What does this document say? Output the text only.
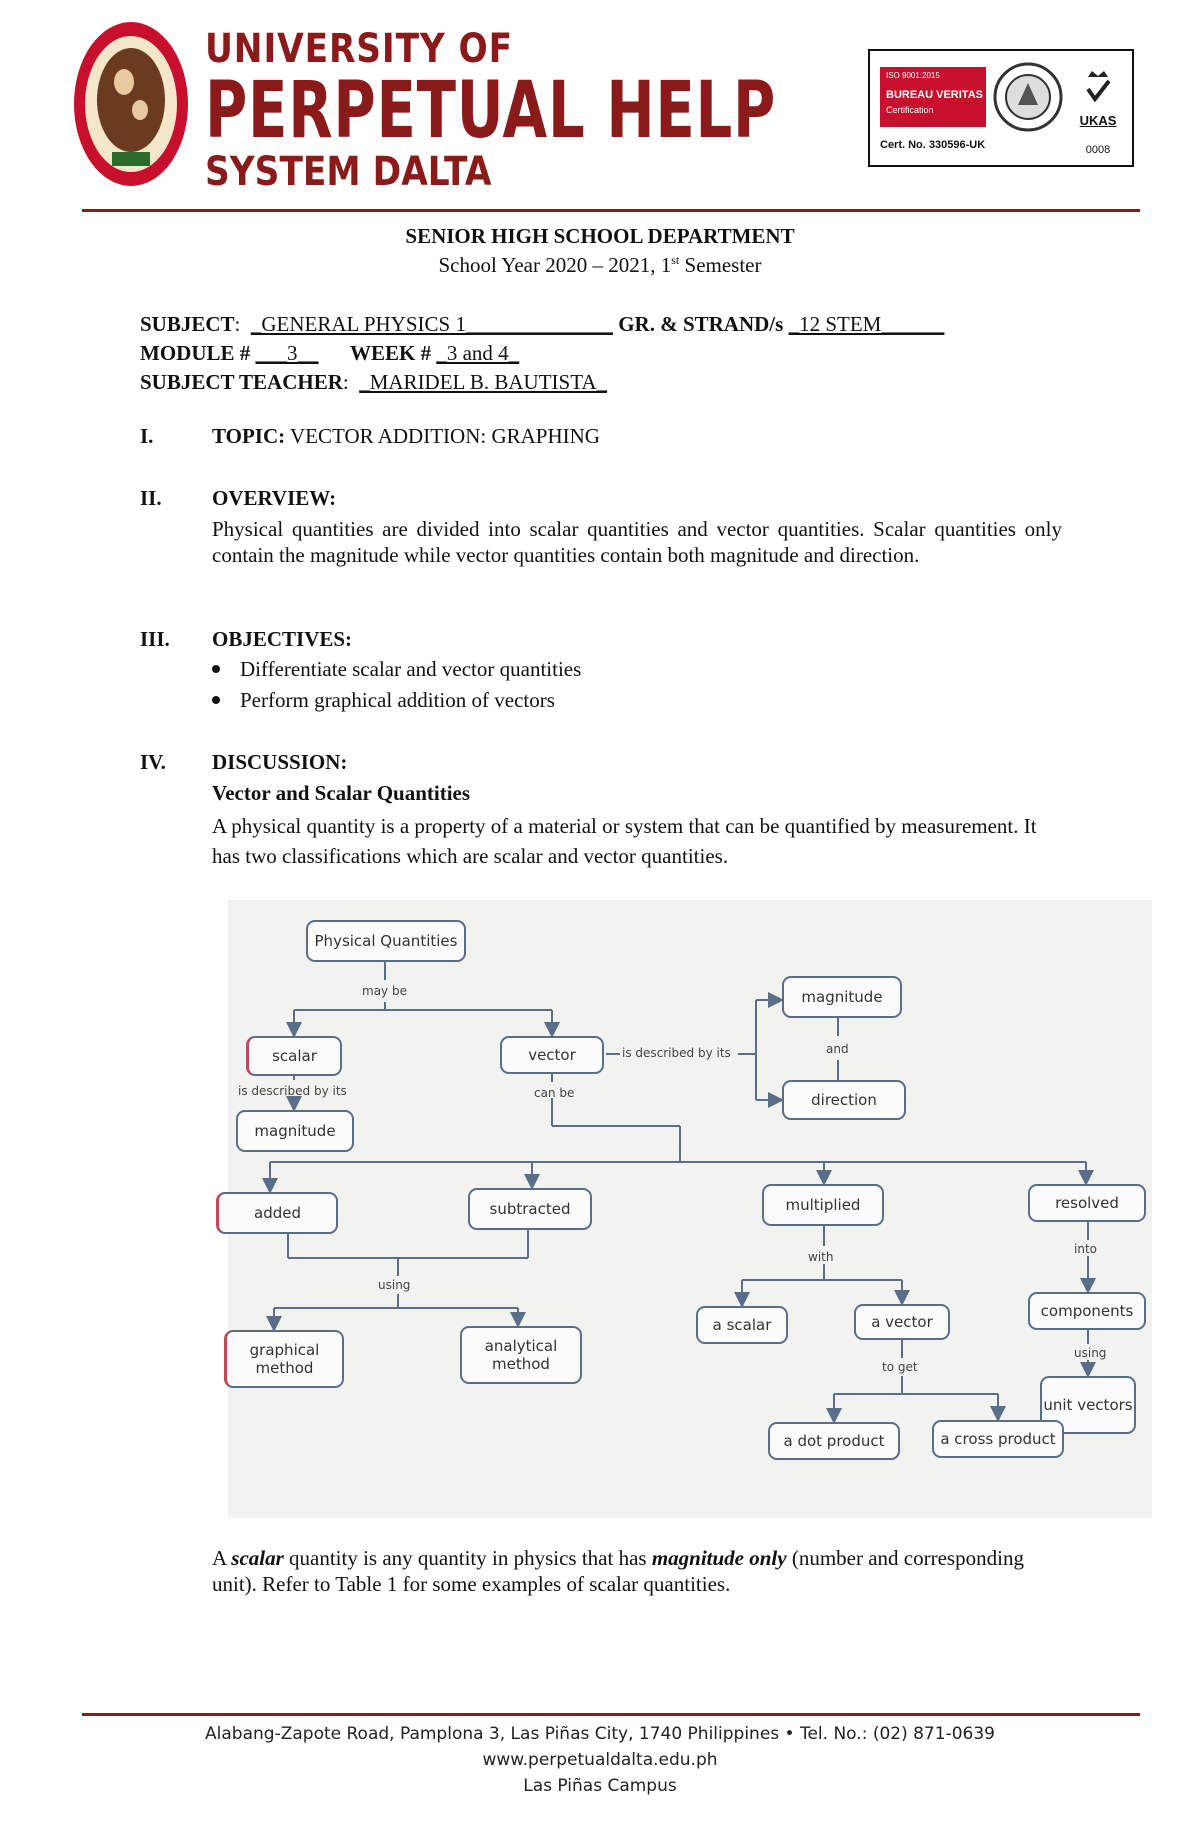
UNIVERSITY OF
PERPETUAL HELP
SYSTEM DALTA
ISO 9001:2015
BUREAU VERITAS
Certification
Cert. No. 330596-UK
UKAS
0008
SENIOR HIGH SCHOOL DEPARTMENT
School Year 2020 – 2021, 1st Semester
SUBJECT:  _GENERAL PHYSICS 1______________ GR. & STRAND/s _12 STEM______
MODULE # ___3__ WEEK # _3 and 4_
SUBJECT TEACHER:  _MARIDEL B. BAUTISTA_
I.	TOPIC: VECTOR ADDITION: GRAPHING
II. OVERVIEW:
Physical quantities are divided into scalar quantities and vector quantities. Scalar quantities only contain the magnitude while vector quantities contain both magnitude and direction.
III. OBJECTIVES:
Differentiate scalar and vector quantities
Perform graphical addition of vectors
IV. DISCUSSION:
Vector and Scalar Quantities
A physical quantity is a property of a material or system that can be quantified by measurement. It has two classifications which are scalar and vector quantities.
Physical Quantities
may be
scalar	vector	is described by its
magnitude
and
direction
is described by its
magnitude
can be
added	subtracted	multiplied	resolved
using
with
into
graphical method
analytical method
a scalar	a vector
components
using
to get
unit vectors
a dot product	a cross product
A scalar quantity is any quantity in physics that has magnitude only (number and corresponding unit). Refer to Table 1 for some examples of scalar quantities.
Alabang-Zapote Road, Pamplona 3, Las Piñas City, 1740 Philippines • Tel. No.: (02) 871-0639
www.perpetualdalta.edu.ph
Las Piñas Campus
